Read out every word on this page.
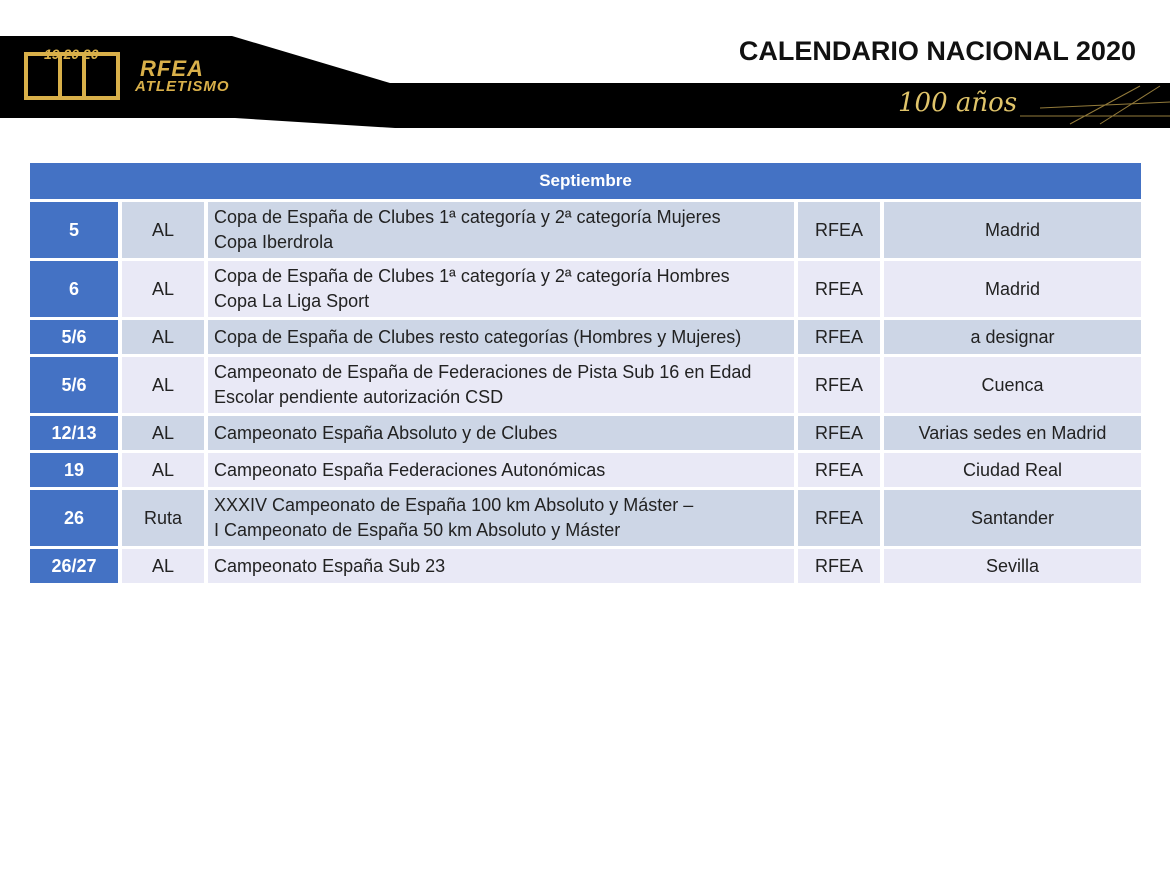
19 20 20
RFEA
ATLETISMO
CALENDARIO NACIONAL 2020
100 años
Septiembre				
5	AL	Copa de España de Clubes 1ª categoría y 2ª categoría Mujeres
Copa Iberdrola	RFEA	Madrid
6	AL	Copa de España de Clubes 1ª categoría y 2ª categoría Hombres
Copa La Liga Sport	RFEA	Madrid
5/6	AL	Copa de España de Clubes resto categorías (Hombres y Mujeres)	RFEA	a designar
5/6	AL	Campeonato de España de Federaciones de Pista Sub 16 en Edad
Escolar pendiente autorización CSD	RFEA	Cuenca
12/13	AL	Campeonato España Absoluto y de Clubes	RFEA	Varias sedes en Madrid
19	AL	Campeonato España Federaciones Autonómicas	RFEA	Ciudad Real
26	Ruta	XXXIV Campeonato de España 100 km Absoluto y Máster –
I Campeonato de España 50 km Absoluto y Máster	RFEA	Santander
26/27	AL	Campeonato España Sub 23	RFEA	Sevilla
